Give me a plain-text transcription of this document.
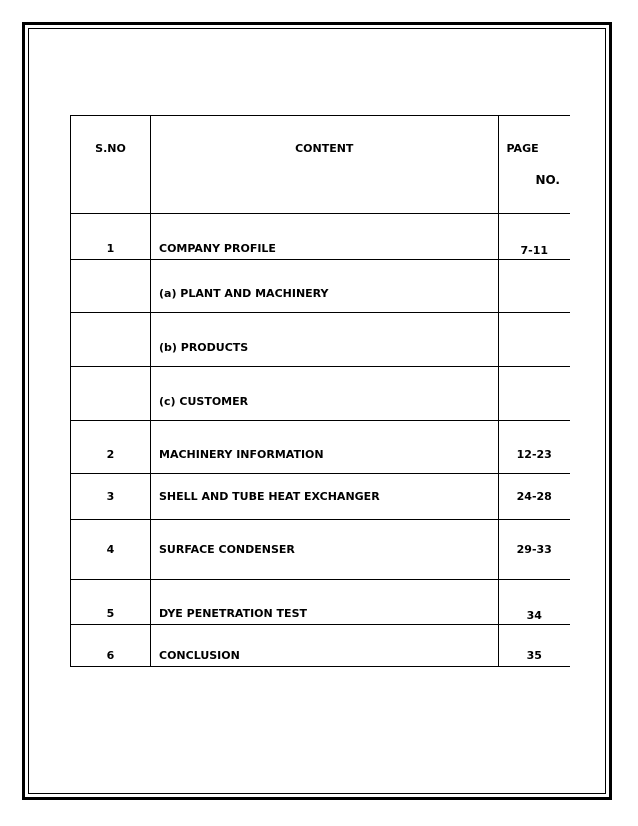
S.NO	CONTENT	PAGE
NO.

1	COMPANY PROFILE	7-11
	(a) PLANT AND MACHINERY	
	(b) PRODUCTS	
	(c) CUSTOMER	
2	MACHINERY INFORMATION	12-23
3	SHELL AND TUBE HEAT EXCHANGER	24-28
4	SURFACE CONDENSER	29-33
5	DYE PENETRATION TEST	34
6	CONCLUSION	35
